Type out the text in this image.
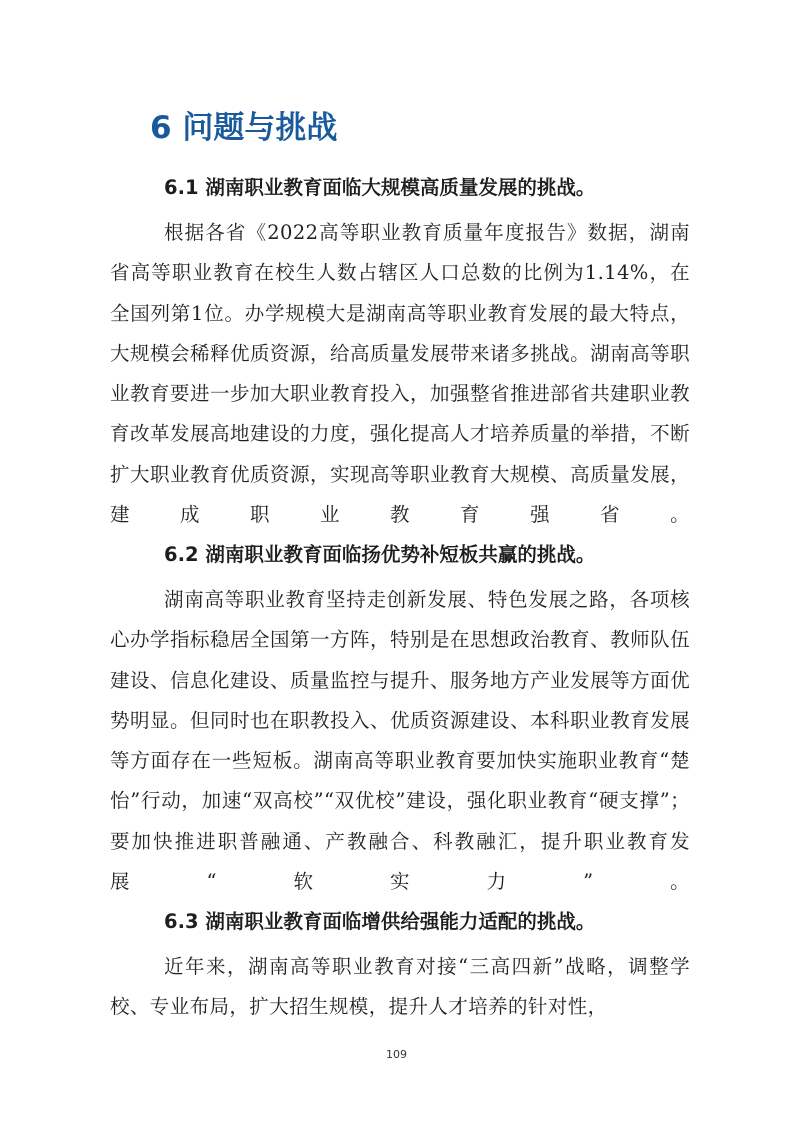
6 问题与挑战
6.1 湖南职业教育面临大规模高质量发展的挑战。

根据各省《2022高等职业教育质量年度报告》数据，湖南省高等职业教育在校生人数占辖区人口总数的比例为1.14%，在全国列第1位。办学规模大是湖南高等职业教育发展的最大特点，大规模会稀释优质资源，给高质量发展带来诸多挑战。湖南高等职业教育要进一步加大职业教育投入，加强整省推进部省共建职业教育改革发展高地建设的力度，强化提高人才培养质量的举措，不断扩大职业教育优质资源，实现高等职业教育大规模、高质量发展，建成职业教育强省。

6.2 湖南职业教育面临扬优势补短板共赢的挑战。

湖南高等职业教育坚持走创新发展、特色发展之路，各项核心办学指标稳居全国第一方阵，特别是在思想政治教育、教师队伍建设、信息化建设、质量监控与提升、服务地方产业发展等方面优势明显。但同时也在职教投入、优质资源建设、本科职业教育发展等方面存在一些短板。湖南高等职业教育要加快实施职业教育“楚怡”行动，加速“双高校”“双优校”建设，强化职业教育“硬支撑”；要加快推进职普融通、产教融合、科教融汇，提升职业教育发展“软实力”。

6.3 湖南职业教育面临增供给强能力适配的挑战。

近年来，湖南高等职业教育对接“三高四新”战略，调整学校、专业布局，扩大招生规模，提升人才培养的针对性，

109
